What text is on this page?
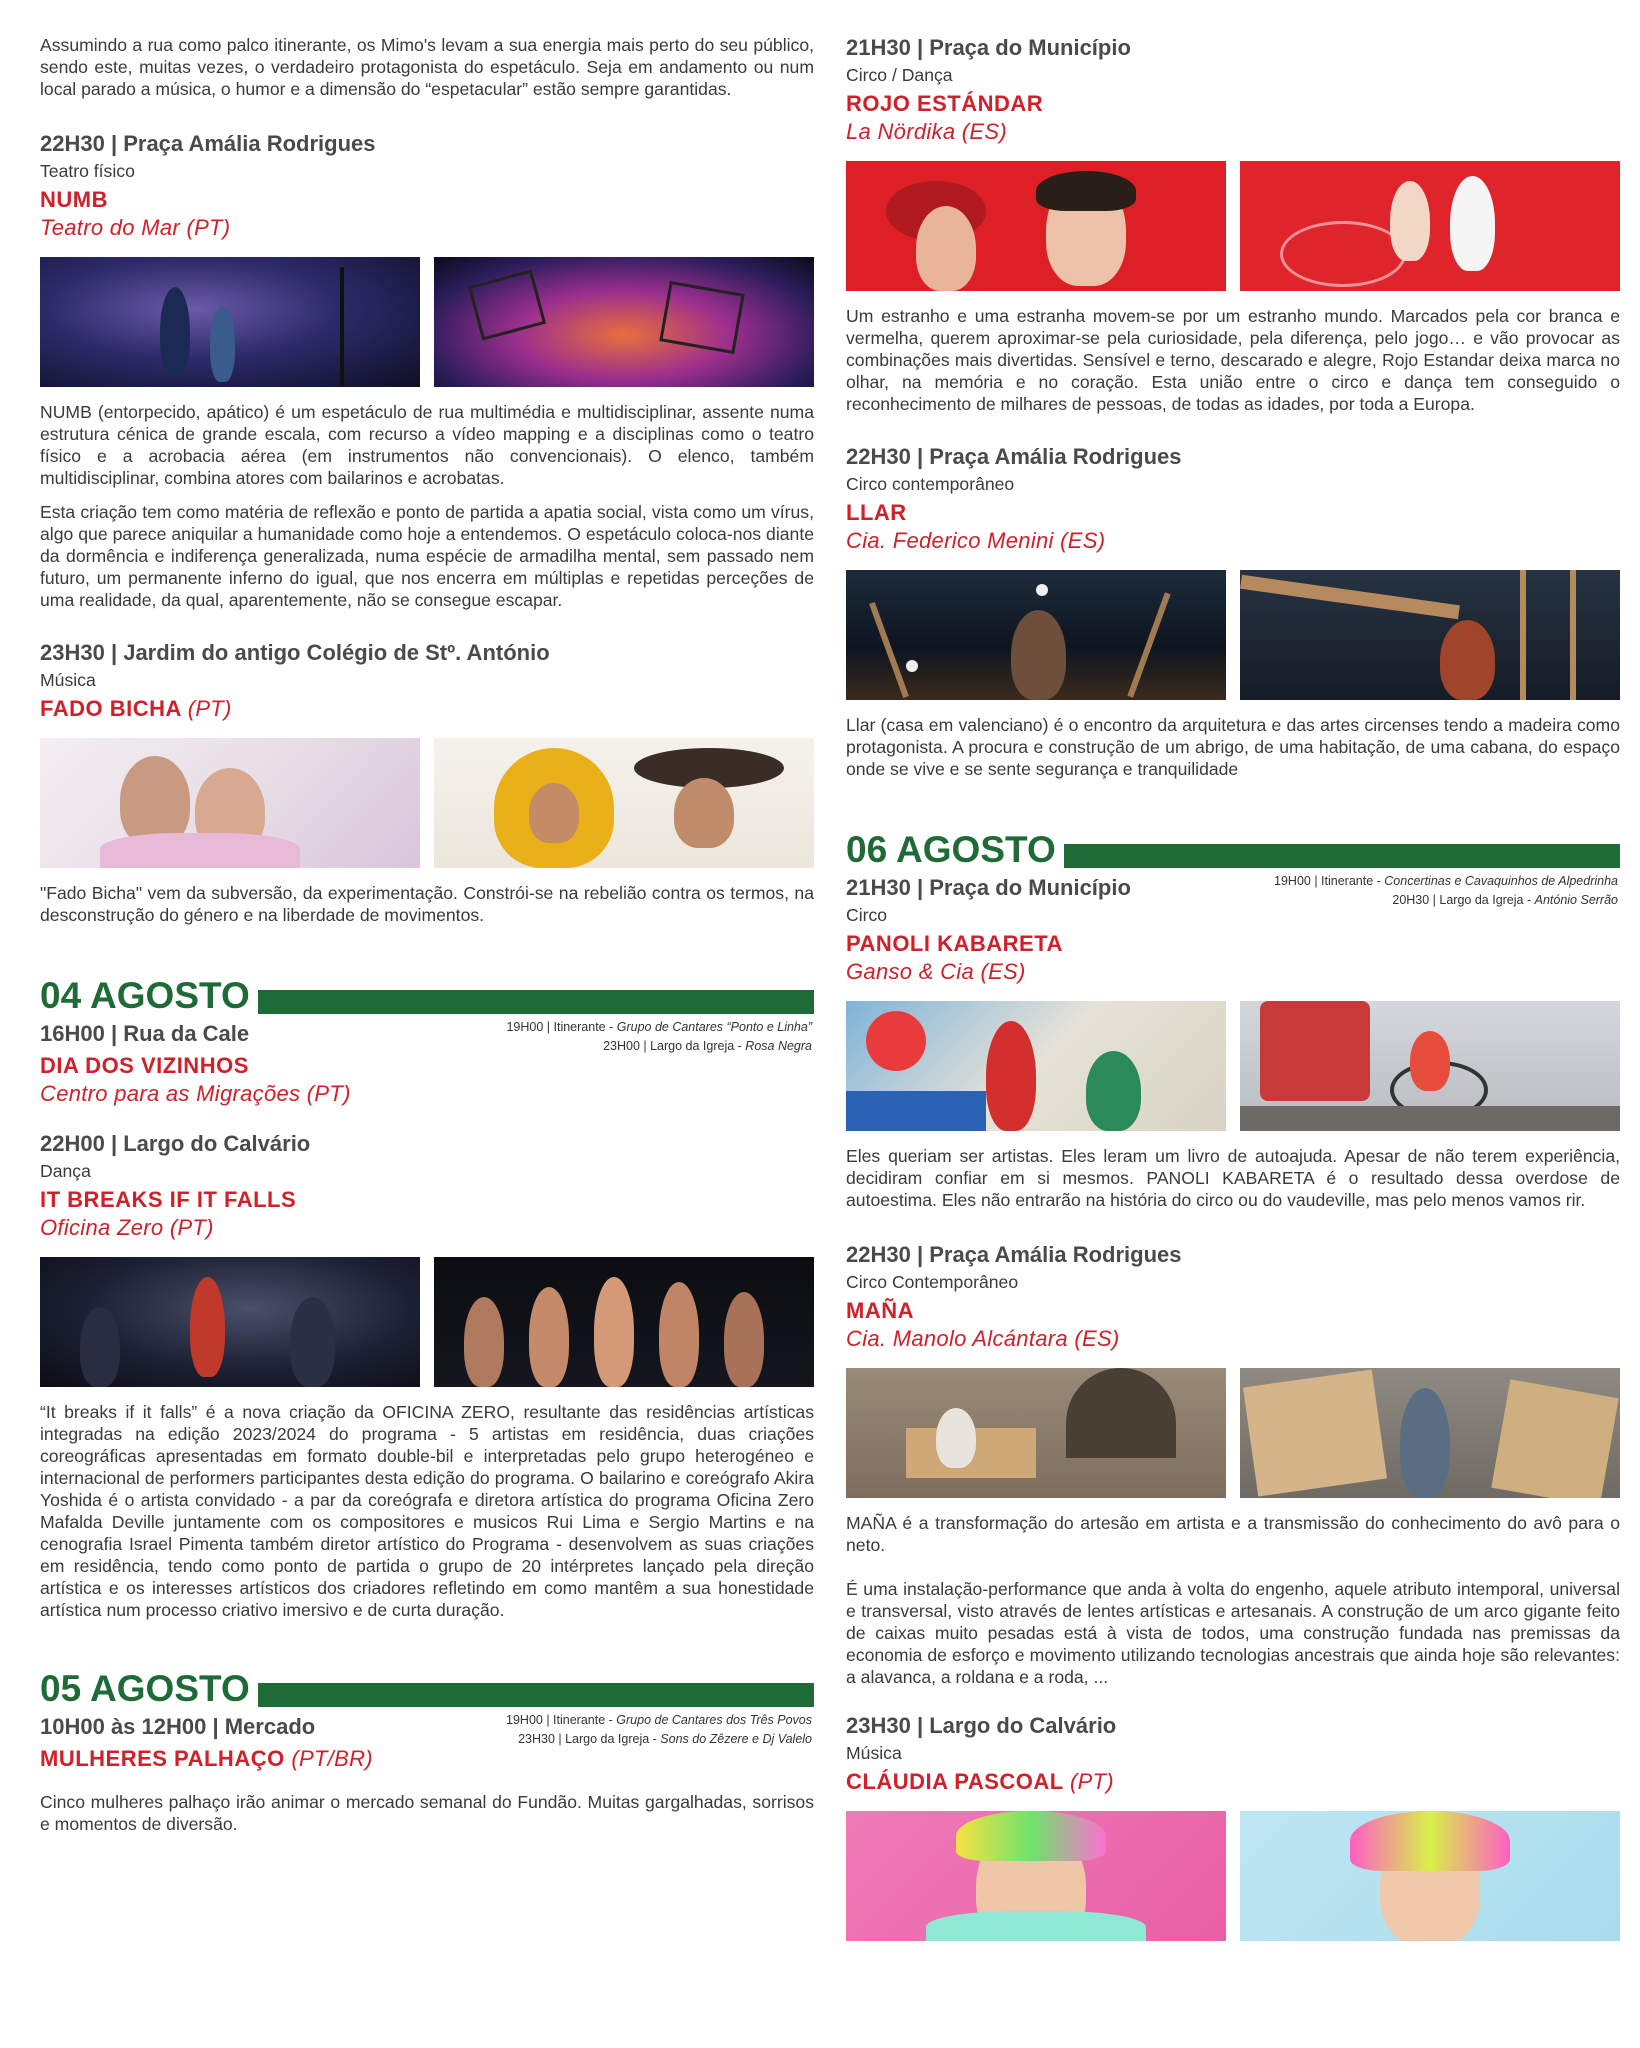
Assumindo a rua como palco itinerante, os Mimo's levam a sua energia mais perto do seu público, sendo este, muitas vezes, o verdadeiro protagonista do espetáculo. Seja em andamento ou num local parado a música, o humor e a dimensão do “espetacular” estão sempre garantidas.

22H30 | Praça Amália Rodrigues

Teatro físico

NUMB

Teatro do Mar (PT)

NUMB (entorpecido, apático) é um espetáculo de rua multimédia e multidisciplinar, assente numa estrutura cénica de grande escala, com recurso a vídeo mapping e a disciplinas como o teatro físico e a acrobacia aérea (em instrumentos não convencionais). O elenco, também multidisciplinar, combina atores com bailarinos e acrobatas.

Esta criação tem como matéria de reflexão e ponto de partida a apatia social, vista como um vírus, algo que parece aniquilar a humanidade como hoje a entendemos. O espetáculo coloca-nos diante da dormência e indiferença generalizada, numa espécie de armadilha mental, sem passado nem futuro, um permanente inferno do igual, que nos encerra em múltiplas e repetidas perceções de uma realidade, da qual, aparentemente, não se consegue escapar.

23H30 | Jardim do antigo Colégio de Stº. António

Música

FADO BICHA (PT)

"Fado Bicha" vem da subversão, da experimentação. Constrói-se na rebelião contra os termos, na desconstrução do género e na liberdade de movimentos.

04 AGOSTO
19H00 | Itinerante - Grupo de Cantares “Ponto e Linha”
23H00 | Largo da Igreja - Rosa Negra

16H00 | Rua da Cale

DIA DOS VIZINHOS

Centro para as Migrações (PT)

22H00 | Largo do Calvário

Dança

IT BREAKS IF IT FALLS

Oficina Zero (PT)

“It breaks if it falls” é a nova criação da OFICINA ZERO, resultante das residências artísticas integradas na edição 2023/2024 do programa - 5 artistas em residência, duas criações coreográficas apresentadas em formato double-bil e interpretadas pelo grupo heterogéneo e internacional de performers participantes desta edição do programa. O bailarino e coreógrafo Akira Yoshida é o artista convidado - a par da coreógrafa e diretora artística do programa Oficina Zero Mafalda Deville juntamente com os compositores e musicos Rui Lima e Sergio Martins e na cenografia Israel Pimenta também diretor artístico do Programa - desenvolvem as suas criações em residência, tendo como ponto de partida o grupo de 20 intérpretes lançado pela direção artística e os interesses artísticos dos criadores refletindo em como mantêm a sua honestidade artística num processo criativo imersivo e de curta duração.

05 AGOSTO
19H00 | Itinerante - Grupo de Cantares dos Três Povos
23H30 | Largo da Igreja - Sons do Zêzere e Dj Valelo

10H00 às 12H00 | Mercado

MULHERES PALHAÇO (PT/BR)

Cinco mulheres palhaço irão animar o mercado semanal do Fundão. Muitas gargalhadas, sorrisos e momentos de diversão.

21H30 | Praça do Município

Circo / Dança

ROJO ESTÁNDAR

La Nördika (ES)

Um estranho e uma estranha movem-se por um estranho mundo. Marcados pela cor branca e vermelha, querem aproximar-se pela curiosidade, pela diferença, pelo jogo… e vão provocar as combinações mais divertidas. Sensível e terno, descarado e alegre, Rojo Estandar deixa marca no olhar, na memória e no coração. Esta união entre o circo e dança tem conseguido o reconhecimento de milhares de pessoas, de todas as idades, por toda a Europa.

22H30 | Praça Amália Rodrigues

Circo contemporâneo

LLAR

Cia. Federico Menini (ES)

Llar (casa em valenciano) é o encontro da arquitetura e das artes circenses tendo a madeira como protagonista. A procura e construção de um abrigo, de uma habitação, de uma cabana, do espaço onde se vive e se sente segurança e tranquilidade

06 AGOSTO
19H00 | Itinerante - Concertinas e Cavaquinhos de Alpedrinha
20H30 | Largo da Igreja - António Serrão

21H30 | Praça do Município

Circo

PANOLI KABARETA

Ganso & Cia (ES)

Eles queriam ser artistas. Eles leram um livro de autoajuda. Apesar de não terem experiência, decidiram confiar em si mesmos. PANOLI KABARETA é o resultado dessa overdose de autoestima. Eles não entrarão na história do circo ou do vaudeville, mas pelo menos vamos rir.

22H30 | Praça Amália Rodrigues

Circo Contemporâneo

MAÑA

Cia. Manolo Alcántara (ES)

MAÑA é a transformação do artesão em artista e a transmissão do conhecimento do avô para o neto.

É uma instalação-performance que anda à volta do engenho, aquele atributo intemporal, universal e transversal, visto através de lentes artísticas e artesanais. A construção de um arco gigante feito de caixas muito pesadas está à vista de todos, uma construção fundada nas premissas da economia de esforço e movimento utilizando tecnologias ancestrais que ainda hoje são relevantes: a alavanca, a roldana e a roda, ...

23H30 | Largo do Calvário

Música

CLÁUDIA PASCOAL (PT)
